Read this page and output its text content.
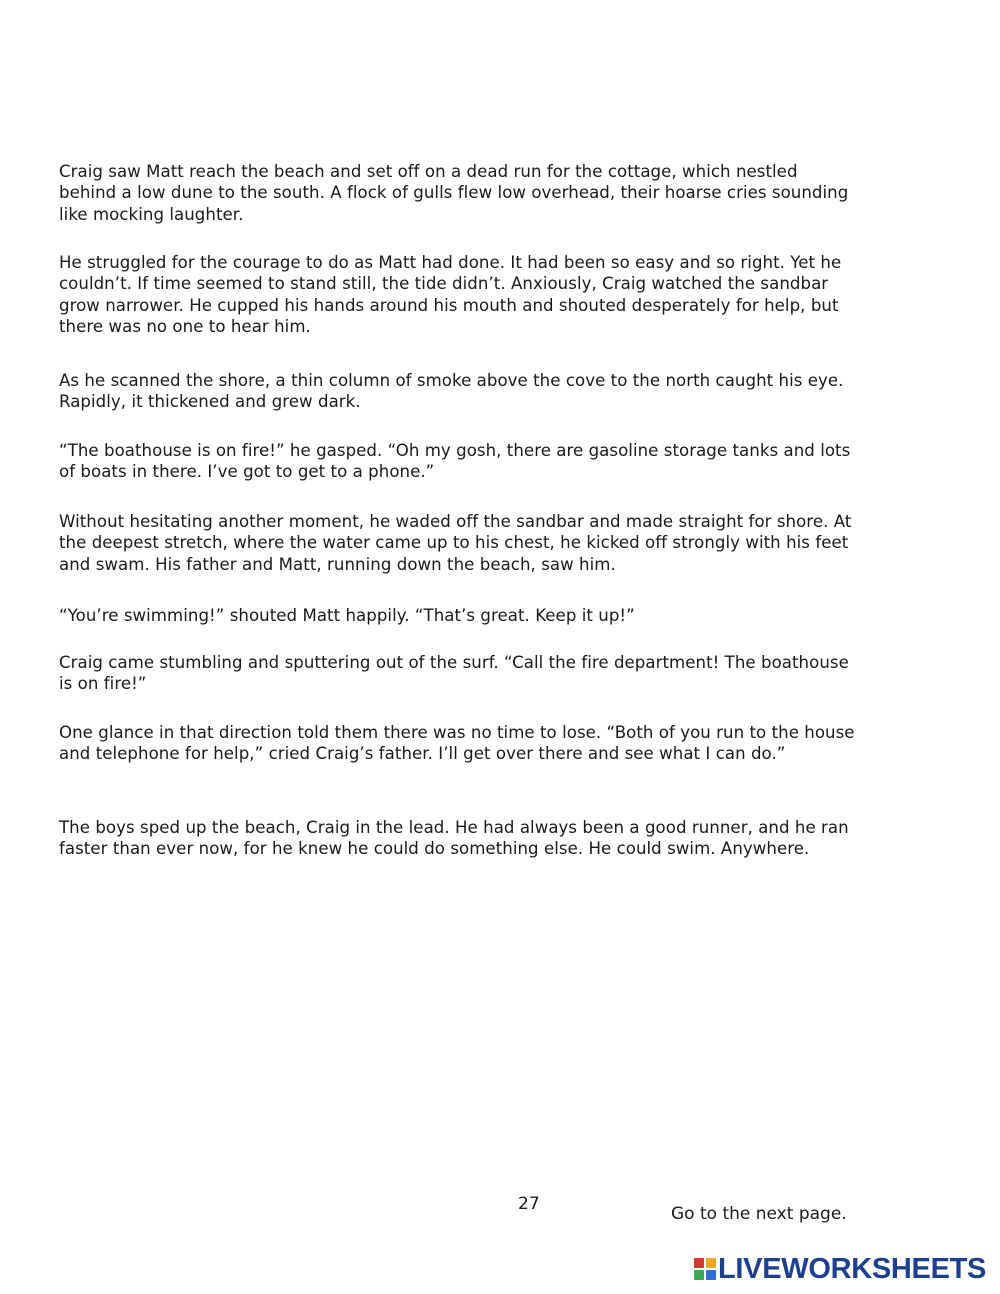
Craig saw Matt reach the beach and set off on a dead run for the cottage, which nestled behind a low dune to the south. A flock of gulls flew low overhead, their hoarse cries sounding like mocking laughter.

He struggled for the courage to do as Matt had done. It had been so easy and so right. Yet he couldn’t. If time seemed to stand still, the tide didn’t. Anxiously, Craig watched the sandbar grow narrower. He cupped his hands around his mouth and shouted desperately for help, but there was no one to hear him.

As he scanned the shore, a thin column of smoke above the cove to the north caught his eye. Rapidly, it thickened and grew dark.

“The boathouse is on fire!” he gasped. “Oh my gosh, there are gasoline storage tanks and lots of boats in there. I’ve got to get to a phone.”

Without hesitating another moment, he waded off the sandbar and made straight for shore. At the deepest stretch, where the water came up to his chest, he kicked off strongly with his feet and swam. His father and Matt, running down the beach, saw him.

“You’re swimming!” shouted Matt happily. “That’s great. Keep it up!”

Craig came stumbling and sputtering out of the surf. “Call the fire department! The boathouse is on fire!”

One glance in that direction told them there was no time to lose. “Both of you run to the house and telephone for help,” cried Craig’s father. I’ll get over there and see what I can do.”

The boys sped up the beach, Craig in the lead. He had always been a good runner, and he ran faster than ever now, for he knew he could do something else. He could swim. Anywhere.

27	Go to the next page.

LIVEWORKSHEETS
